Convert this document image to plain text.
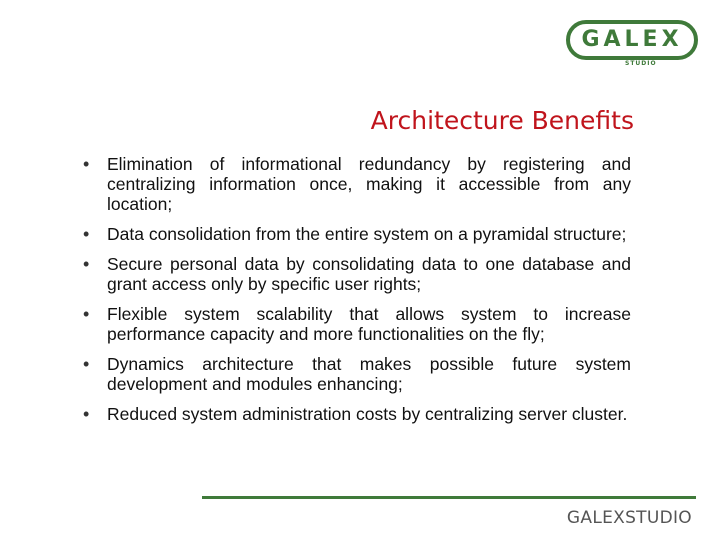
GALEX
STUDIO
Architecture Benefits
• Elimination of informational redundancy by registering and centralizing information once, making it accessible from any location;
• Data consolidation from the entire system on a pyramidal structure;
• Secure personal data by consolidating data to one database and grant access only by specific user rights;
• Flexible system scalability that allows system to increase performance capacity and more functionalities on the fly;
• Dynamics architecture that makes possible future system development and modules enhancing;
• Reduced system administration costs by centralizing server cluster.
GALEXSTUDIO
